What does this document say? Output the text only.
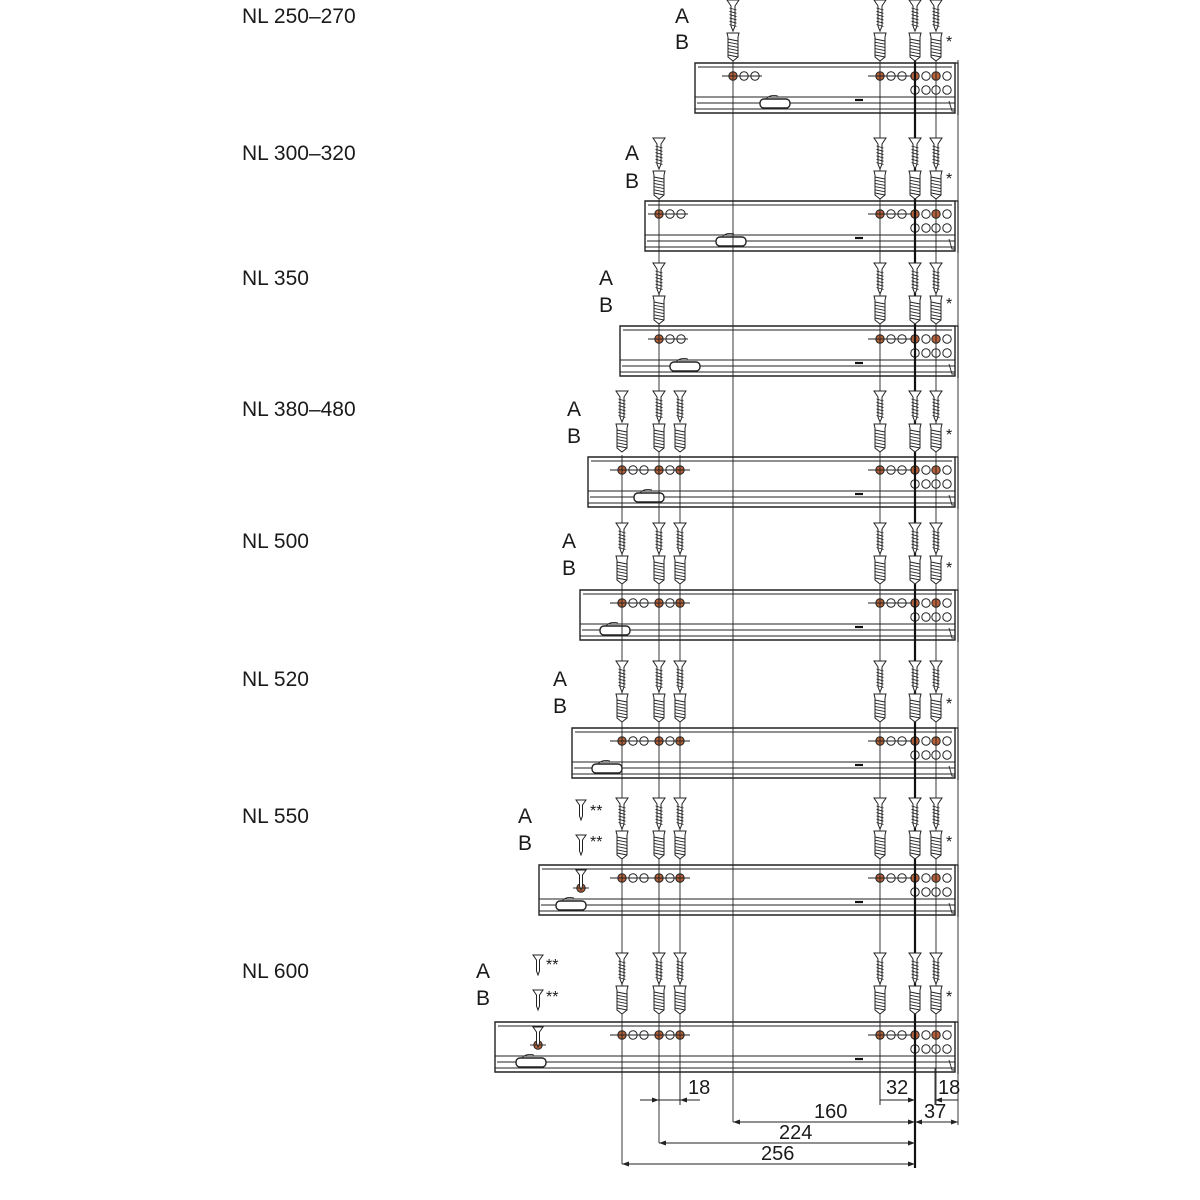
NL 250–270
NL 300–320
NL 350
NL 380–480
NL 500
NL 520
NL 550
NL 600
A
B
A
B
A
B
A
B
A
B
A
B
A
B
A
B
*
*
*
*
*
*
*
*
**
**
**
**
18	32 18
160	37
224
256
